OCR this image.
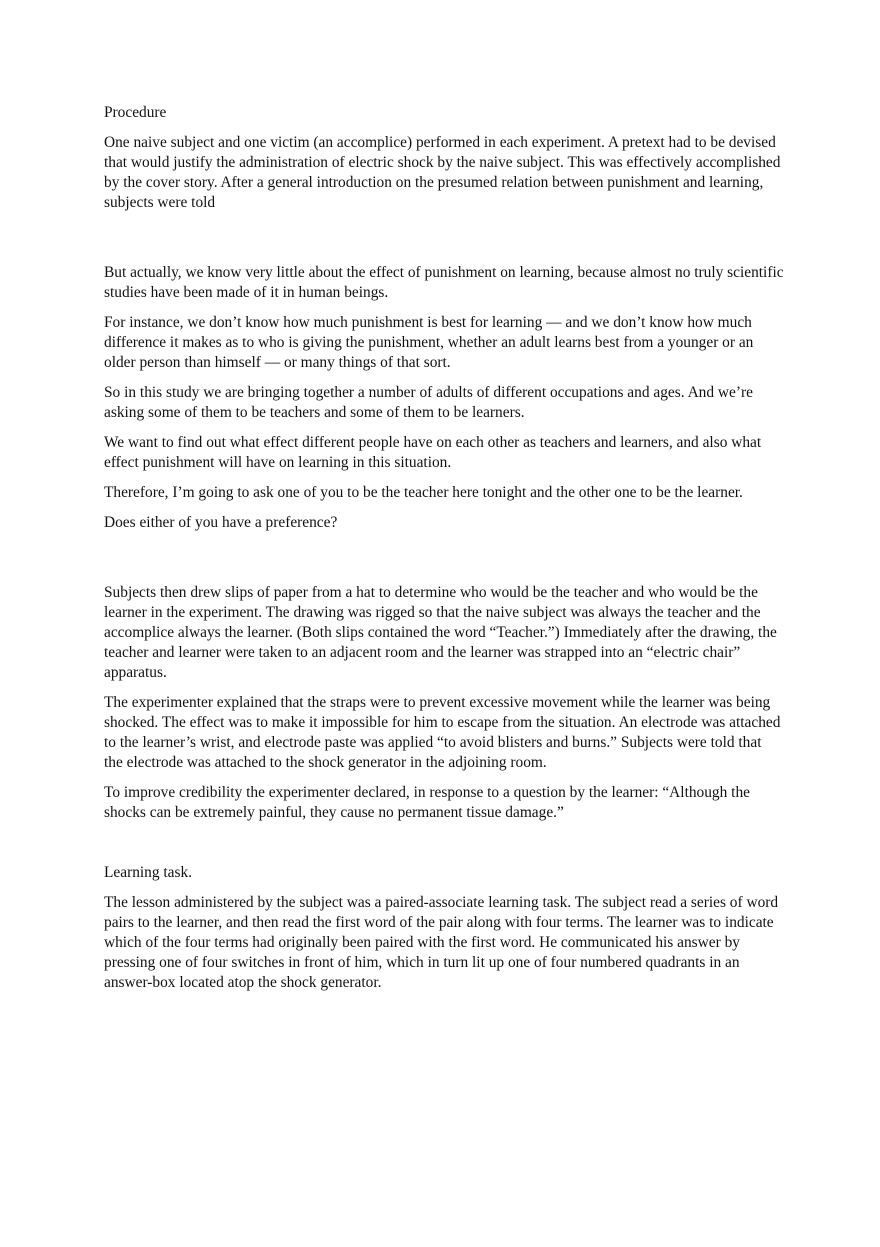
Procedure

One naive subject and one victim (an accomplice) performed in each experiment. A pretext had to be devised that would justify the administration of electric shock by the naive subject. This was effectively accomplished by the cover story. After a general introduction on the presumed relation between punishment and learning, subjects were told

But actually, we know very little about the effect of punishment on learning, because almost no truly scientific studies have been made of it in human beings.

For instance, we don’t know how much punishment is best for learning — and we don’t know how much difference it makes as to who is giving the punishment, whether an adult learns best from a younger or an older person than himself — or many things of that sort.

So in this study we are bringing together a number of adults of different occupations and ages. And we’re asking some of them to be teachers and some of them to be learners.

We want to find out what effect different people have on each other as teachers and learners, and also what effect punishment will have on learning in this situation.

Therefore, I’m going to ask one of you to be the teacher here tonight and the other one to be the learner.

Does either of you have a preference?

Subjects then drew slips of paper from a hat to determine who would be the teacher and who would be the learner in the experiment. The drawing was rigged so that the naive subject was always the teacher and the accomplice always the learner. (Both slips contained the word “Teacher.”) Immediately after the drawing, the teacher and learner were taken to an adjacent room and the learner was strapped into an “electric chair” apparatus.

The experimenter explained that the straps were to prevent excessive movement while the learner was being shocked. The effect was to make it impossible for him to escape from the situation. An electrode was attached to the learner’s wrist, and electrode paste was applied “to avoid blisters and burns.” Subjects were told that the electrode was attached to the shock generator in the adjoining room.

To improve credibility the experimenter declared, in response to a question by the learner: “Although the shocks can be extremely painful, they cause no permanent tissue damage.”

Learning task.

The lesson administered by the subject was a paired-associate learning task. The subject read a series of word pairs to the learner, and then read the first word of the pair along with four terms. The learner was to indicate which of the four terms had originally been paired with the first word. He communicated his answer by pressing one of four switches in front of him, which in turn lit up one of four numbered quadrants in an answer-box located atop the shock generator.
